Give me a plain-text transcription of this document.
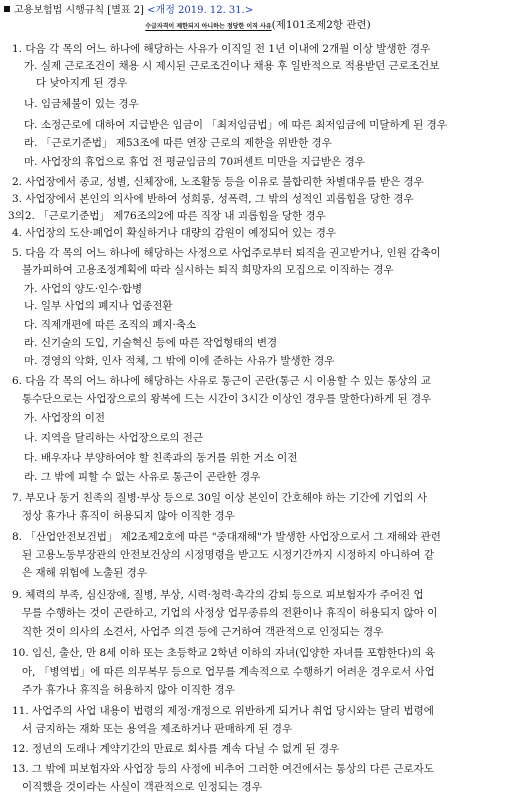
고용보험법 시행규칙 [별표 2] <개정 2019. 12. 31.>
수급자격이 제한되지 아니하는 정당한 이직 사유(제101조제2항 관련)
1. 다음 각 목의 어느 하나에 해당하는 사유가 이직일 전 1년 이내에 2개월 이상 발생한 경우
가. 실제 근로조건이 채용 시 제시된 근로조건이나 채용 후 일반적으로 적용받던 근로조건보
다 낮아지게 된 경우
나. 임금체불이 있는 경우
다. 소정근로에 대하여 지급받은 임금이 「최저임금법」에 따른 최저임금에 미달하게 된 경우
라. 「근로기준법」 제53조에 따른 연장 근로의 제한을 위반한 경우
마. 사업장의 휴업으로 휴업 전 평균임금의 70퍼센트 미만을 지급받은 경우
2. 사업장에서 종교, 성별, 신체장애, 노조활동 등을 이유로 불합리한 차별대우를 받은 경우
3. 사업장에서 본인의 의사에 반하여 성희롱, 성폭력, 그 밖의 성적인 괴롭힘을 당한 경우
3의2. 「근로기준법」 제76조의2에 따른 직장 내 괴롭힘을 당한 경우
4. 사업장의 도산·폐업이 확실하거나 대량의 감원이 예정되어 있는 경우
5. 다음 각 목의 어느 하나에 해당하는 사정으로 사업주로부터 퇴직을 권고받거나, 인원 감축이
불가피하여 고용조정계획에 따라 실시하는 퇴직 희망자의 모집으로 이직하는 경우
가. 사업의 양도·인수·합병
나. 일부 사업의 폐지나 업종전환
다. 직제개편에 따른 조직의 폐지·축소
라. 신기술의 도입, 기술혁신 등에 따른 작업형태의 변경
마. 경영의 악화, 인사 적체, 그 밖에 이에 준하는 사유가 발생한 경우
6. 다음 각 목의 어느 하나에 해당하는 사유로 통근이 곤란(통근 시 이용할 수 있는 통상의 교
통수단으로는 사업장으로의 왕복에 드는 시간이 3시간 이상인 경우를 말한다)하게 된 경우
가. 사업장의 이전
나. 지역을 달리하는 사업장으로의 전근
다. 배우자나 부양하여야 할 친족과의 동거를 위한 거소 이전
라. 그 밖에 피할 수 없는 사유로 통근이 곤란한 경우
7. 부모나 동거 친족의 질병·부상 등으로 30일 이상 본인이 간호해야 하는 기간에 기업의 사
정상 휴가나 휴직이 허용되지 않아 이직한 경우
8. 「산업안전보건법」 제2조제2호에 따른 "중대재해"가 발생한 사업장으로서 그 재해와 관련
된 고용노동부장관의 안전보건상의 시정명령을 받고도 시정기간까지 시정하지 아니하여 같
은 재해 위험에 노출된 경우
9. 체력의 부족, 심신장애, 질병, 부상, 시력·청력·촉각의 감퇴 등으로 피보험자가 주어진 업
무를 수행하는 것이 곤란하고, 기업의 사정상 업무종류의 전환이나 휴직이 허용되지 않아 이
직한 것이 의사의 소견서, 사업주 의견 등에 근거하여 객관적으로 인정되는 경우
10. 임신, 출산, 만 8세 이하 또는 초등학교 2학년 이하의 자녀(입양한 자녀를 포함한다)의 육
아, 「병역법」에 따른 의무복무 등으로 업무를 계속적으로 수행하기 어려운 경우로서 사업
주가 휴가나 휴직을 허용하지 않아 이직한 경우
11. 사업주의 사업 내용이 법령의 제정·개정으로 위반하게 되거나 취업 당시와는 달리 법령에
서 금지하는 재화 또는 용역을 제조하거나 판매하게 된 경우
12. 정년의 도래나 계약기간의 만료로 회사를 계속 다닐 수 없게 된 경우
13. 그 밖에 피보험자와 사업장 등의 사정에 비추어 그러한 여건에서는 통상의 다른 근로자도
이직했을 것이라는 사실이 객관적으로 인정되는 경우
